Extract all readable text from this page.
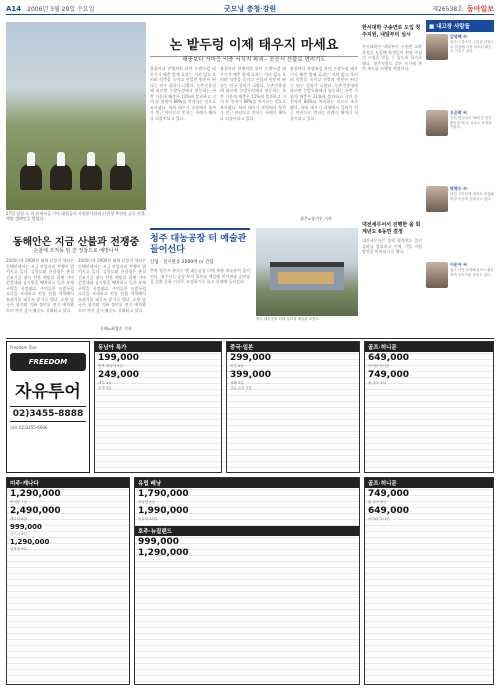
A14 2006년 3월 29일 수요일	굿모닝 충청·강원	제26538호 동아일보
27일 강원 도 의 관계자들 기마 대원들이 자원봉사단과 산림청 추진단 공동 산불예방 캠페인을 벌였다.
동해안은 지금 산불과 전쟁중
순찰에 조직동 된 군 정찰으로 예방나서
2005년과 2000년 대형 산불이 잇따른 동해안에서는 지금 산불과의 전쟁이 벌어지고 있다. 강원도와 산림청은 봄철 건조기를 맞아 산불 예방을 위해 기마 순찰대와 감시원을 배치하고 입산 통제 구역을 지정했다. 주민들은 논밭두렁 소각을 자제하고 산림 인접 지역에서 쓰레기를 태우지 않기로 했다. 소방 당국은 헬기와 진화 장비를 전진 배치했으며 야간 감시 활동도 강화하고 있다.
2005년과 2000년 대형 산불이 잇따른 동해안에서는 지금 산불과의 전쟁이 벌어지고 있다. 강원도와 산림청은 봄철 건조기를 맞아 산불 예방을 위해 기마 순찰대와 감시원을 배치하고 입산 통제 구역을 지정했다. 주민들은 논밭두렁 소각을 자제하고 산림 인접 지역에서 쓰레기를 태우지 않기로 했다. 소방 당국은 헬기와 진화 장비를 전진 배치했으며 야간 감시 활동도 강화하고 있다.
동해=최창순 기자
논 밭두렁 이제 태우지 마세요
해충보다 거미등 익충 서식지 파괴 - 곳곳서 산불로 번지기도
봄철마다 관행처럼 하던 논밭두렁 태우기가 해충 방제 효과는 거의 없고 오히려 익충을 죽이고 산불의 원인이 된다는 연구 결과가 나왔다. 농촌진흥청에 따르면 논밭두렁에서 월동하는 곤충 가운데 해충은 11%에 불과하고 거미 등 천적이 89%를 차지하는 것으로 조사됐다. 특히 태우기 과정에서 불씨가 인근 야산으로 번지는 사례가 해마다 되풀이되고 있다.
봄철마다 관행처럼 하던 논밭두렁 태우기가 해충 방제 효과는 거의 없고 오히려 익충을 죽이고 산불의 원인이 된다는 연구 결과가 나왔다. 농촌진흥청에 따르면 논밭두렁에서 월동하는 곤충 가운데 해충은 11%에 불과하고 거미 등 천적이 89%를 차지하는 것으로 조사됐다. 특히 태우기 과정에서 불씨가 인근 야산으로 번지는 사례가 해마다 되풀이되고 있다.
봄철마다 관행처럼 하던 논밭두렁 태우기가 해충 방제 효과는 거의 없고 오히려 익충을 죽이고 산불의 원인이 된다는 연구 결과가 나왔다. 농촌진흥청에 따르면 논밭두렁에서 월동하는 곤충 가운데 해충은 11%에 불과하고 거미 등 천적이 89%를 차지하는 것으로 조사됐다. 특히 태우기 과정에서 불씨가 인근 야산으로 번지는 사례가 해마다 되풀이되고 있다.
청주=장기우 기자
청주 대농공장 터 예술관 들어선다
산업 · 전시관동 2000여 ㎡ 건립
충북 청주시 흥덕구 옛 대농공장 터에 복합 예술관이 들어선다. 청주시는 공장 부지 일부를 매입해 전시관과 공연장을 갖춘 문화 시설로 조성하기로 하고 설계에 들어갔다.
청주 대농공장 터에 들어설 예술관 조감도.
한서대학 구송면로 도입 청주지원, 내달부터 실시
한서대학은 내달부터 구송면 교육과정을 도입해 학생들이 현장 중심의 수업을 받을 수 있도록 하기로 했다. 청주지원도 같은 시기에 관련 제도를 시행할 예정이다.
대전세무서서 진행한 올 회계년도 6동연 결정
대전세무서는 올해 회계연도 결산 결과를 발표하고 지역 기업 지원 방안을 마련하기로 했다.
■ 내고장 사람들
김영배 씨
충주시 청소년 수련관 관장으로 취임해 지역 청소년 활동을 이끌고 있다.
오은희 씨
강원 원주에서 30년간 봉사활동을 해 온 공로로 표창을 받았다.
박병수 씨
대전 시민단체 대표로 선출돼 환경 운동에 앞장서고 있다.
이순자 씨
청주 지역 문화해설사로 활동하며 향토사를 알리고 있다.
Freedom Tour
FREEDOM
자유투어
02)3455-8888
대표 02)3455-6666
동남아 특가
199,000
방콕·파타야 5일
249,000
세부 4일
푸켓 5일
중국·일본
299,000
북경 4일
399,000
상해 3일
큐슈 온천 3일
골프·허니문
649,000
사이판 허니문
749,000
괌 골프 4일
미주·캐나다
1,290,000
미서부 7일
2,490,000
캐나다 8일
999,000
시드니 6일
1,290,000
남북섬 9일
유럽 배낭
1,790,000
서유럽 9일
1,990,000
동유럽 10일
호주·뉴질랜드
999,000
1,290,000
골프·허니문
749,000
괌 골프 4일
649,000
사이판 허니문
